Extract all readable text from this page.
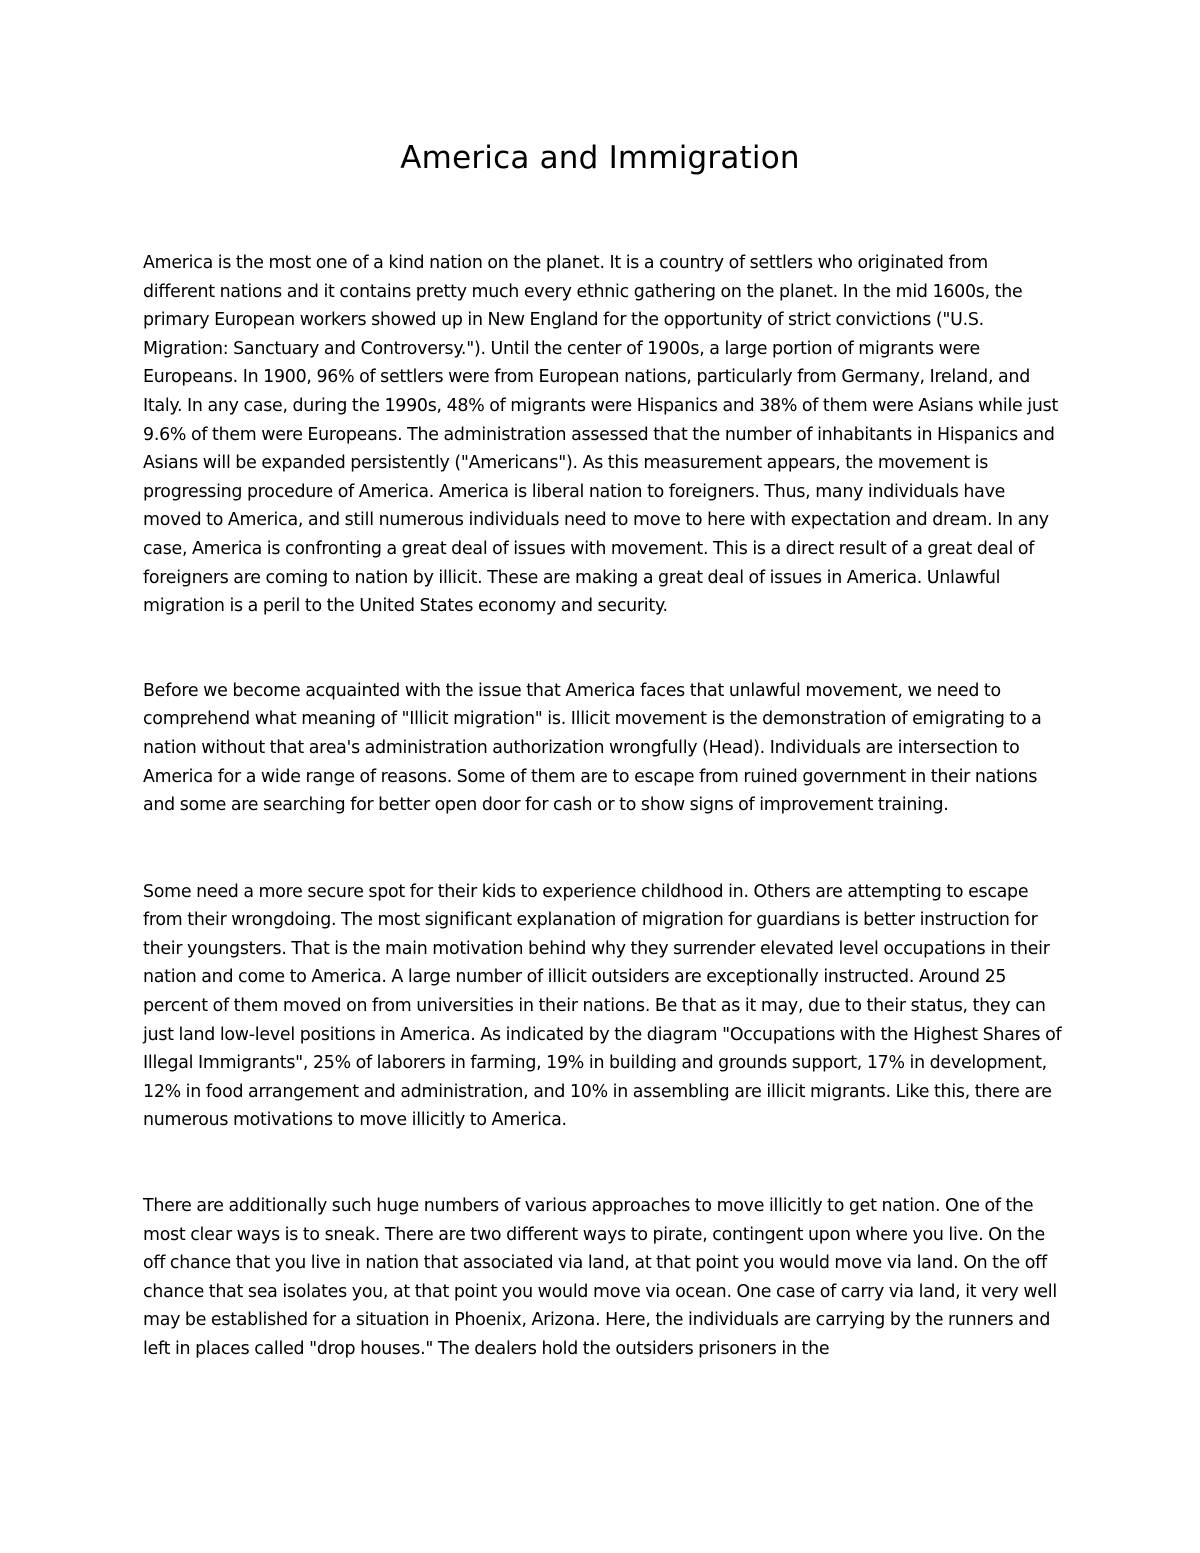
America and Immigration

America is the most one of a kind nation on the planet. It is a country of settlers who originated from different nations and it contains pretty much every ethnic gathering on the planet. In the mid 1600s, the primary European workers showed up in New England for the opportunity of strict convictions ("U.S. Migration: Sanctuary and Controversy."). Until the center of 1900s, a large portion of migrants were Europeans. In 1900, 96% of settlers were from European nations, particularly from Germany, Ireland, and Italy. In any case, during the 1990s, 48% of migrants were Hispanics and 38% of them were Asians while just 9.6% of them were Europeans. The administration assessed that the number of inhabitants in Hispanics and Asians will be expanded persistently ("Americans"). As this measurement appears, the movement is progressing procedure of America. America is liberal nation to foreigners. Thus, many individuals have moved to America, and still numerous individuals need to move to here with expectation and dream. In any case, America is confronting a great deal of issues with movement. This is a direct result of a great deal of foreigners are coming to nation by illicit. These are making a great deal of issues in America. Unlawful migration is a peril to the United States economy and security.

Before we become acquainted with the issue that America faces that unlawful movement, we need to comprehend what meaning of "Illicit migration" is. Illicit movement is the demonstration of emigrating to a nation without that area's administration authorization wrongfully (Head). Individuals are intersection to America for a wide range of reasons. Some of them are to escape from ruined government in their nations and some are searching for better open door for cash or to show signs of improvement training.

Some need a more secure spot for their kids to experience childhood in. Others are attempting to escape from their wrongdoing. The most significant explanation of migration for guardians is better instruction for their youngsters. That is the main motivation behind why they surrender elevated level occupations in their nation and come to America. A large number of illicit outsiders are exceptionally instructed. Around 25 percent of them moved on from universities in their nations. Be that as it may, due to their status, they can just land low-level positions in America. As indicated by the diagram "Occupations with the Highest Shares of Illegal Immigrants", 25% of laborers in farming, 19% in building and grounds support, 17% in development, 12% in food arrangement and administration, and 10% in assembling are illicit migrants. Like this, there are numerous motivations to move illicitly to America.

There are additionally such huge numbers of various approaches to move illicitly to get nation. One of the most clear ways is to sneak. There are two different ways to pirate, contingent upon where you live. On the off chance that you live in nation that associated via land, at that point you would move via land. On the off chance that sea isolates you, at that point you would move via ocean. One case of carry via land, it very well may be established for a situation in Phoenix, Arizona. Here, the individuals are carrying by the runners and left in places called "drop houses." The dealers hold the outsiders prisoners in the
